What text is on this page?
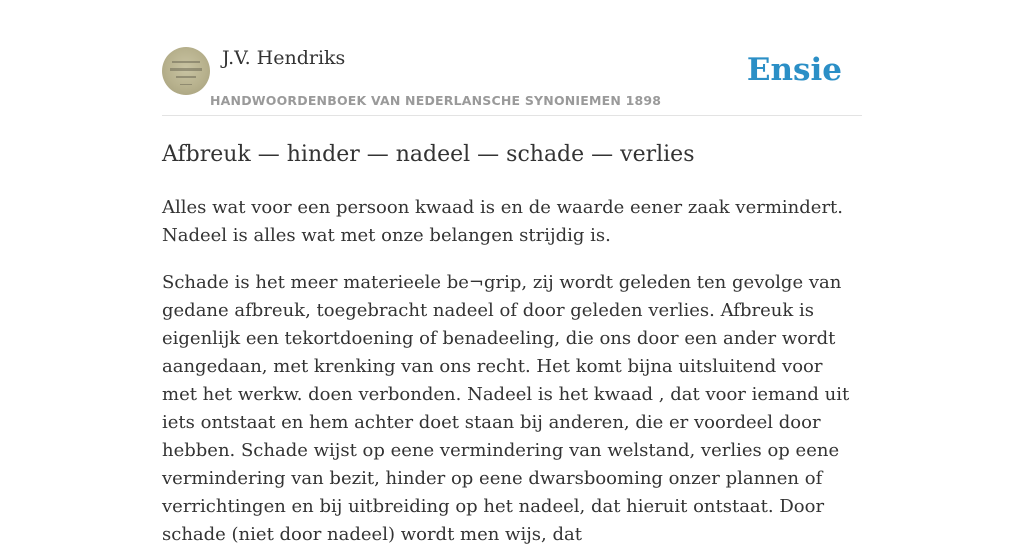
J.V. Hendriks
HANDWOORDENBOEK VAN NEDERLANSCHE SYNONIEMEN 1898
Ensie
Afbreuk — hinder — nadeel — schade — verlies

Alles wat voor een persoon kwaad is en de waarde eener zaak vermindert. Nadeel is alles wat met onze belangen strijdig is.

Schade is het meer materieele be¬grip, zij wordt geleden ten gevolge van gedane afbreuk, toegebracht nadeel of door geleden verlies. Afbreuk is eigenlijk een tekortdoening of benadeeling, die ons door een ander wordt aangedaan, met krenking van ons recht. Het komt bijna uitsluitend voor met het werkw. doen verbonden. Nadeel is het kwaad , dat voor iemand uit iets ontstaat en hem achter doet staan bij anderen, die er voordeel door hebben. Schade wijst op eene vermindering van welstand, verlies op eene vermindering van bezit, hinder op eene dwarsbooming onzer plannen of verrichtingen en bij uitbreiding op het nadeel, dat hieruit ontstaat. Door schade (niet door nadeel) wordt men wijs, dat
